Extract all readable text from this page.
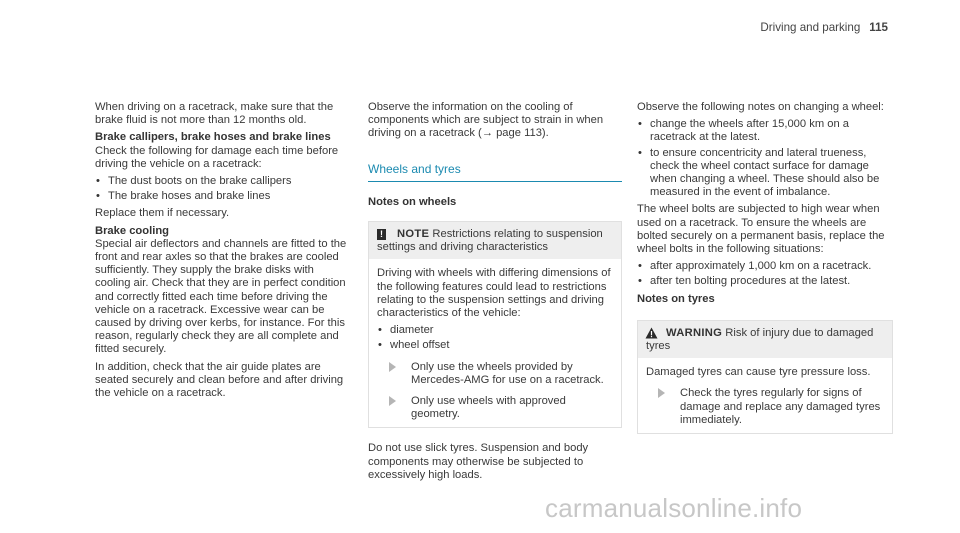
Driving and parking 115

When driving on a racetrack, make sure that the brake fluid is not more than 12 months old.

Brake callipers, brake hoses and brake lines

Check the following for damage each time before driving the vehicle on a racetrack:

• The dust boots on the brake callipers
• The brake hoses and brake lines

Replace them if necessary.

Brake cooling

Special air deflectors and channels are fitted to the front and rear axles so that the brakes are cooled sufficiently. They supply the brake disks with cooling air. Check that they are in perfect condition and correctly fitted each time before driving the vehicle on a racetrack. Excessive wear can be caused by driving over kerbs, for instance. For this reason, regularly check they are all complete and fitted securely.

In addition, check that the air guide plates are seated securely and clean before and after driving the vehicle on a racetrack.

Observe the information on the cooling of components which are subject to strain in when driving on a racetrack (→ page 113).

Wheels and tyres

Notes on wheels

! NOTE Restrictions relating to suspension settings and driving characteristics

Driving with wheels with differing dimensions of the following features could lead to restrictions relating to the suspension settings and driving characteristics of the vehicle:

• diameter
• wheel offset
Only use the wheels provided by Mercedes-AMG for use on a racetrack.
Only use wheels with approved geometry.

Do not use slick tyres. Suspension and body components may otherwise be subjected to excessively high loads.

Observe the following notes on changing a wheel:

• change the wheels after 15,000 km on a racetrack at the latest.
• to ensure concentricity and lateral trueness, check the wheel contact surface for damage when changing a wheel. These should also be measured in the event of imbalance.

The wheel bolts are subjected to high wear when used on a racetrack. To ensure the wheels are bolted securely on a permanent basis, replace the wheel bolts in the following situations:

• after approximately 1,000 km on a racetrack.
• after ten bolting procedures at the latest.

Notes on tyres

WARNING Risk of injury due to damaged tyres

Damaged tyres can cause tyre pressure loss.

Check the tyres regularly for signs of damage and replace any damaged tyres immediately.
carmanualsonline.info
